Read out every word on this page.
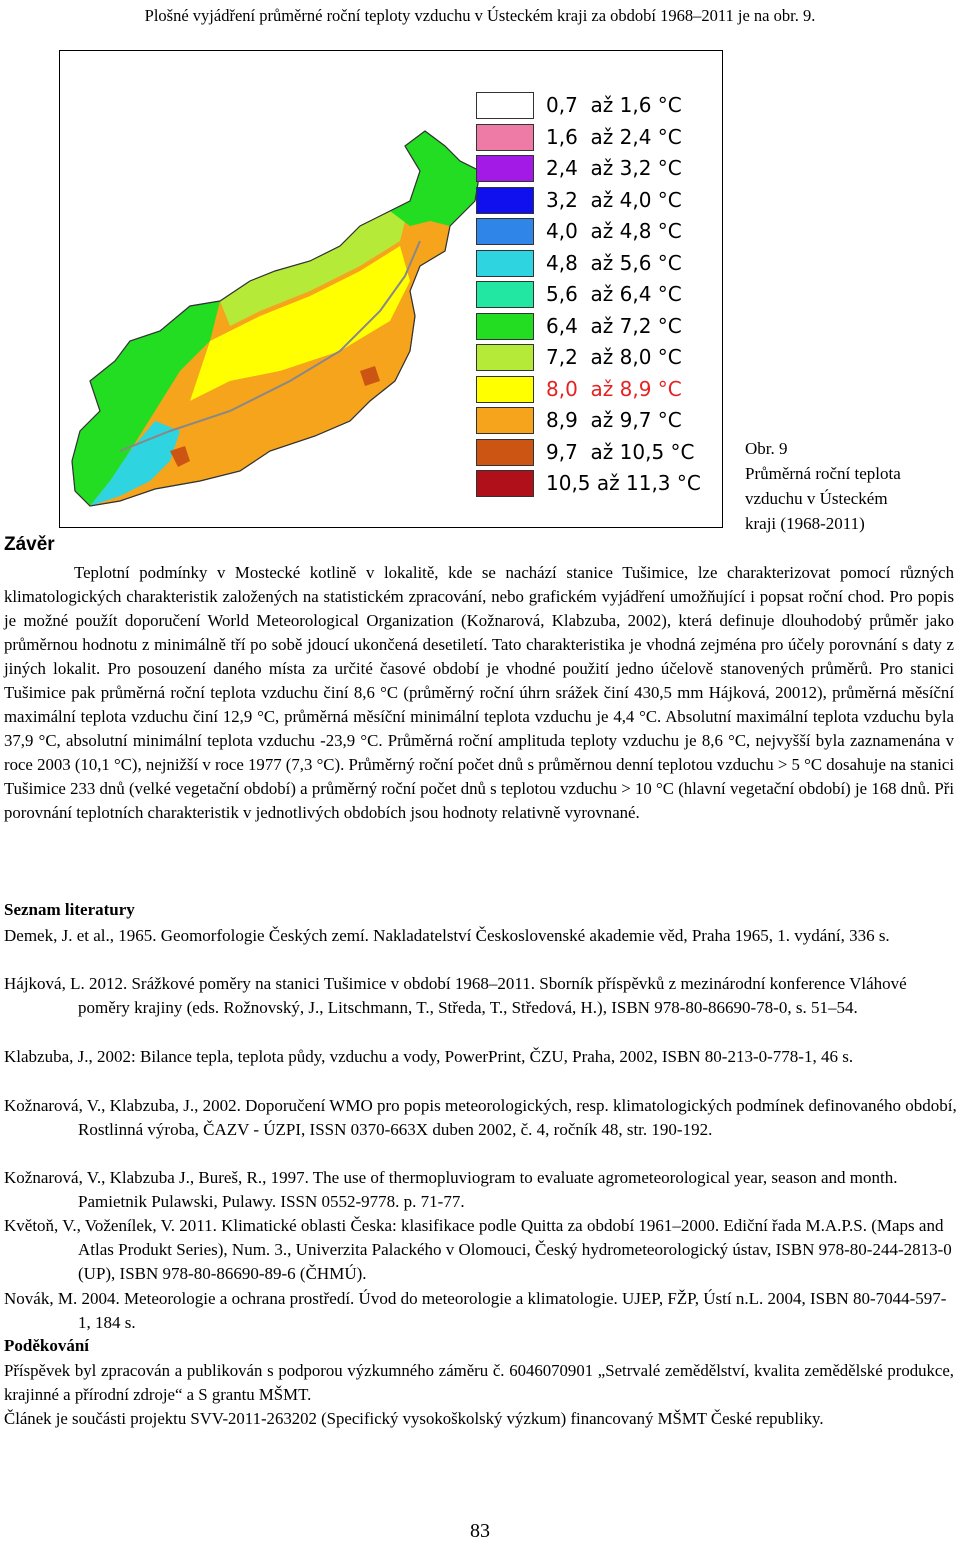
Plošné vyjádření průměrné roční teploty vzduchu v Ústeckém kraji za období 1968–2011 je na obr. 9.
0,7  až 1,6 °C
1,6  až 2,4 °C
2,4  až 3,2 °C
3,2  až 4,0 °C
4,0  až 4,8 °C
4,8  až 5,6 °C
5,6  až 6,4 °C
6,4  až 7,2 °C
7,2  až 8,0 °C
8,0  až 8,9 °C
8,9  až 9,7 °C
9,7  až 10,5 °C
10,5 až 11,3 °C
Obr. 9
Průměrná roční teplota
vzduchu v Ústeckém
kraji (1968-2011)
Závěr

Teplotní podmínky v Mostecké kotlině v lokalitě, kde se nachází stanice Tušimice, lze charakterizovat pomocí různých klimatologických charakteristik založených na statistickém zpracování, nebo grafickém vyjádření umožňující i popsat roční chod. Pro popis je možné použít doporučení World Meteorological Organization (Kožnarová, Klabzuba, 2002), která definuje dlouhodobý průměr jako průměrnou hodnotu z minimálně tří po sobě jdoucí ukončená desetiletí. Tato charakteristika je vhodná zejména pro účely porovnání s daty z jiných lokalit. Pro posouzení daného místa za určité časové období je vhodné použití jedno účelově stanovených průměrů. Pro stanici Tušimice pak průměrná roční teplota vzduchu činí 8,6 °C (průměrný roční úhrn srážek činí 430,5 mm Hájková, 20012), průměrná měsíční maximální teplota vzduchu činí 12,9 °C, průměrná měsíční minimální teplota vzduchu je 4,4 °C. Absolutní maximální teplota vzduchu byla 37,9 °C, absolutní minimální teplota vzduchu -23,9 °C. Průměrná roční amplituda teploty vzduchu je 8,6 °C, nejvyšší byla zaznamenána v roce 2003 (10,1 °C), nejnižší v roce 1977 (7,3 °C). Průměrný roční počet dnů s průměrnou denní teplotou vzduchu > 5 °C dosahuje na stanici Tušimice 233 dnů (velké vegetační období) a průměrný roční počet dnů s teplotou vzduchu > 10 °C (hlavní vegetační období) je 168 dnů. Při porovnání teplotních charakteristik v jednotlivých obdobích jsou hodnoty relativně vyrovnané.

Seznam literatury

Demek, J. et al., 1965. Geomorfologie Českých zemí. Nakladatelství Československé akademie věd, Praha 1965, 1. vydání, 336 s.

Hájková, L. 2012. Srážkové poměry na stanici Tušimice v období 1968–2011. Sborník příspěvků z mezinárodní konference Vláhové poměry krajiny (eds. Rožnovský, J., Litschmann, T., Středa, T., Středová, H.), ISBN 978-80-86690-78-0, s. 51–54.

Klabzuba, J., 2002: Bilance tepla, teplota půdy, vzduchu a vody, PowerPrint, ČZU, Praha, 2002, ISBN 80-213-0-778-1, 46 s.

Kožnarová, V., Klabzuba, J., 2002. Doporučení WMO pro popis meteorologických, resp. klimatologických podmínek definovaného období, Rostlinná výroba, ČAZV - ÚZPI, ISSN 0370-663X duben 2002, č. 4, ročník 48, str. 190-192.

Kožnarová, V., Klabzuba J., Bureš, R., 1997. The use of thermopluviogram to evaluate agrometeorological year, season and month. Pamietnik Pulawski, Pulawy. ISSN 0552-9778. p. 71-77.

Květoň, V., Voženílek, V. 2011. Klimatické oblasti Česka: klasifikace podle Quitta za období 1961–2000. Ediční řada M.A.P.S. (Maps and Atlas Produkt Series), Num. 3., Univerzita Palackého v Olomouci, Český hydrometeorologický ústav, ISBN 978-80-244-2813-0 (UP), ISBN 978-80-86690-89-6 (ČHMÚ).

Novák, M. 2004. Meteorologie a ochrana prostředí. Úvod do meteorologie a klimatologie. UJEP, FŽP, Ústí n.L. 2004, ISBN 80-7044-597-1, 184 s.

Poděkování

Příspěvek byl zpracován a publikován s podporou výzkumného záměru č. 6046070901 „Setrvalé zemědělství, kvalita zemědělské produkce, krajinné a přírodní zdroje“ a S grantu MŠMT.

Článek je součásti projektu SVV-2011-263202 (Specifický vysokoškolský výzkum) financovaný MŠMT České republiky.

83
